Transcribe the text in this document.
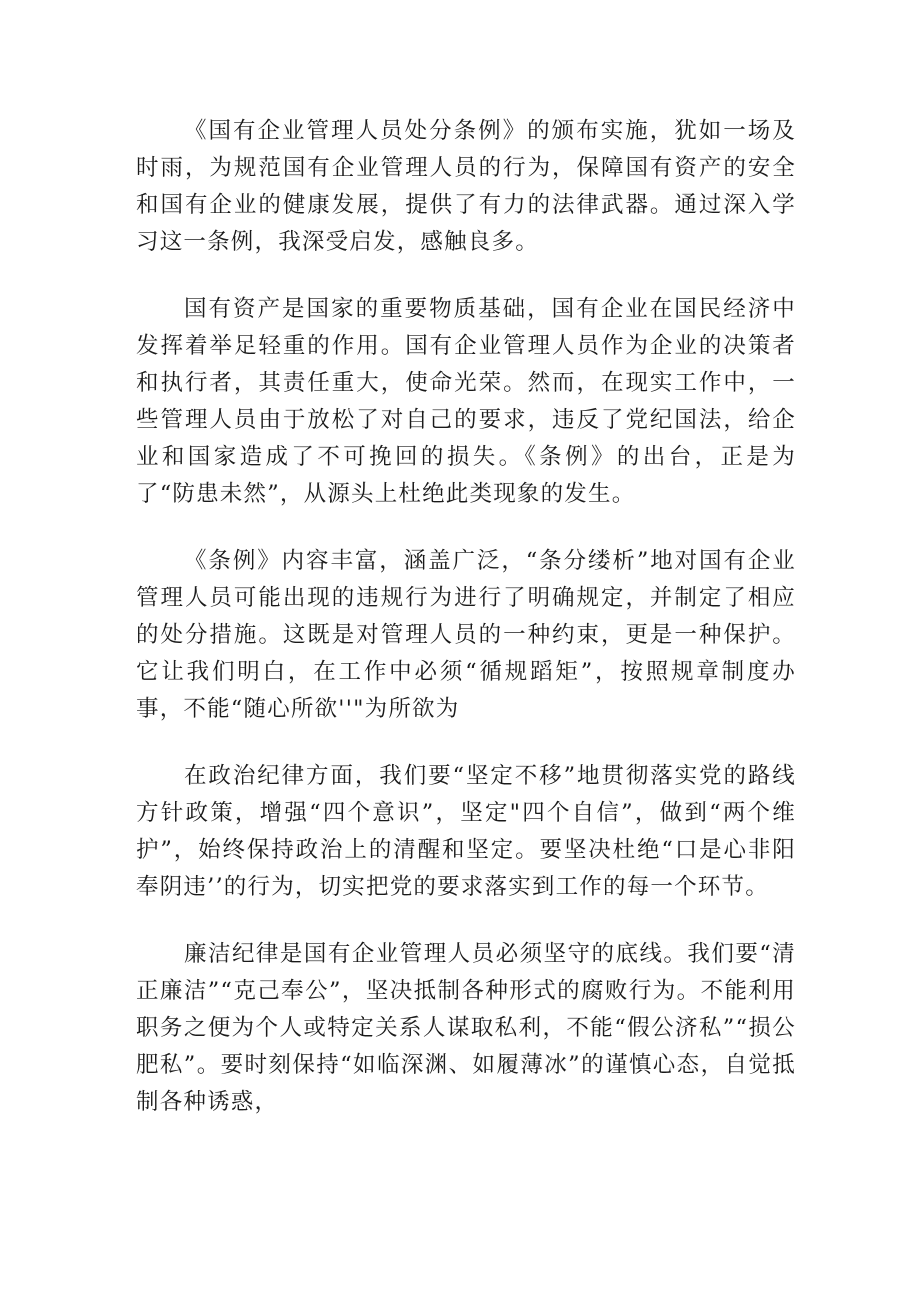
《国有企业管理人员处分条例》的颁布实施，犹如一场及时雨，为规范国有企业管理人员的行为，保障国有资产的安全和国有企业的健康发展，提供了有力的法律武器。通过深入学习这一条例，我深受启发，感触良多。

国有资产是国家的重要物质基础，国有企业在国民经济中发挥着举足轻重的作用。国有企业管理人员作为企业的决策者和执行者，其责任重大，使命光荣。然而，在现实工作中，一些管理人员由于放松了对自己的要求，违反了党纪国法，给企业和国家造成了不可挽回的损失。《条例》的出台，正是为了“防患未然”，从源头上杜绝此类现象的发生。

《条例》内容丰富，涵盖广泛，“条分缕析”地对国有企业管理人员可能出现的违规行为进行了明确规定，并制定了相应的处分措施。这既是对管理人员的一种约束，更是一种保护。它让我们明白，在工作中必须“循规蹈矩”，按照规章制度办事，不能“随心所欲''"为所欲为

在政治纪律方面，我们要“坚定不移”地贯彻落实党的路线方针政策，增强“四个意识”，坚定"四个自信”，做到“两个维护”，始终保持政治上的清醒和坚定。要坚决杜绝“口是心非阳奉阴违’’的行为，切实把党的要求落实到工作的每一个环节。

廉洁纪律是国有企业管理人员必须坚守的底线。我们要“清正廉洁”“克己奉公”，坚决抵制各种形式的腐败行为。不能利用职务之便为个人或特定关系人谋取私利，不能“假公济私”“损公肥私”。要时刻保持“如临深渊、如履薄冰”的谨慎心态，自觉抵制各种诱惑，
